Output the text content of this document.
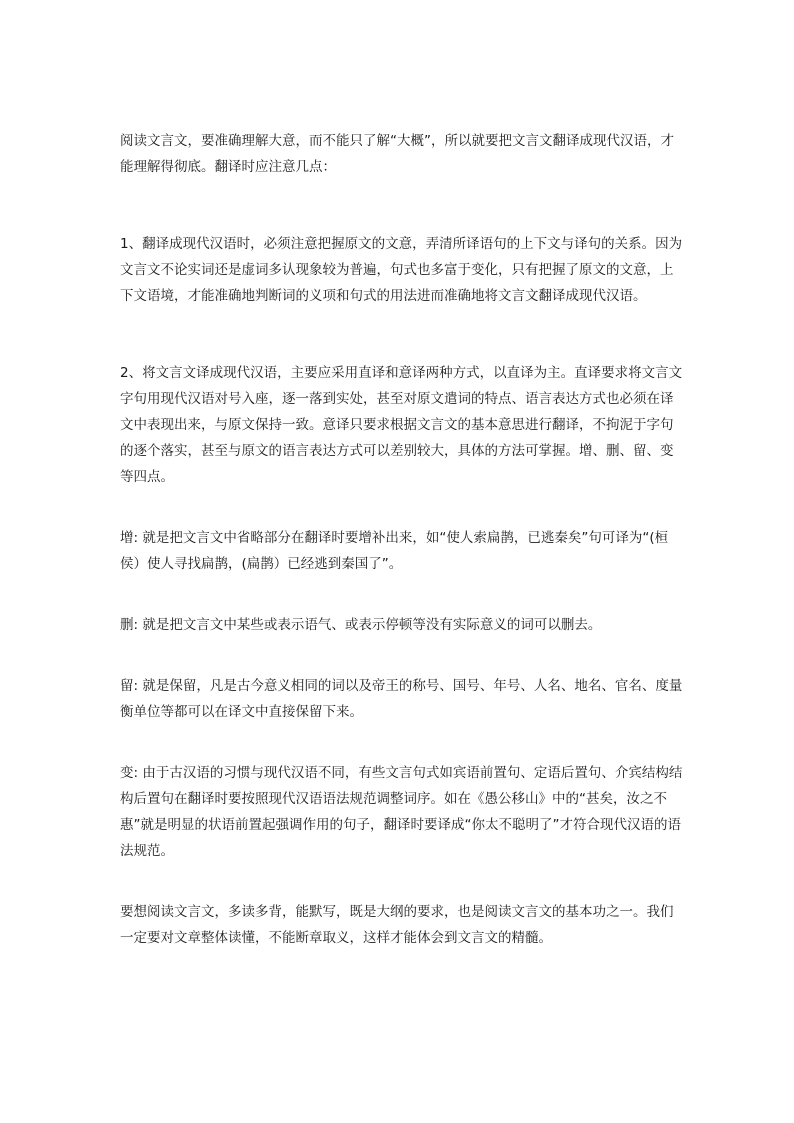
阅读文言文，要准确理解大意，而不能只了解“大概”，所以就要把文言文翻译成现代汉语，才能理解得彻底。翻译时应注意几点：

1、翻译成现代汉语时，必须注意把握原文的文意，弄清所译语句的上下文与译句的关系。因为文言文不论实词还是虚词多认现象较为普遍，句式也多富于变化，只有把握了原文的文意，上下文语境，才能准确地判断词的义项和句式的用法进而准确地将文言文翻译成现代汉语。

2、将文言文译成现代汉语，主要应采用直译和意译两种方式，以直译为主。直译要求将文言文字句用现代汉语对号入座，逐一落到实处，甚至对原文遣词的特点、语言表达方式也必须在译文中表现出来，与原文保持一致。意译只要求根据文言文的基本意思进行翻译，不拘泥于字句的逐个落实，甚至与原文的语言表达方式可以差别较大，具体的方法可掌握。增、删、留、变等四点。

增: 就是把文言文中省略部分在翻译时要增补出来，如“使人索扁鹊，已逃秦矣”句可译为“(桓侯）使人寻找扁鹊，(扁鹊）已经逃到秦国了”。

删: 就是把文言文中某些或表示语气、或表示停顿等没有实际意义的词可以删去。

留: 就是保留，凡是古今意义相同的词以及帝王的称号、国号、年号、人名、地名、官名、度量衡单位等都可以在译文中直接保留下来。

变: 由于古汉语的习惯与现代汉语不同，有些文言句式如宾语前置句、定语后置句、介宾结构结构后置句在翻译时要按照现代汉语语法规范调整词序。如在《愚公移山》中的“甚矣，汝之不惠”就是明显的状语前置起强调作用的句子，翻译时要译成“你太不聪明了”才符合现代汉语的语法规范。

要想阅读文言文，多读多背，能默写，既是大纲的要求，也是阅读文言文的基本功之一。我们一定要对文章整体读懂，不能断章取义，这样才能体会到文言文的精髓。
